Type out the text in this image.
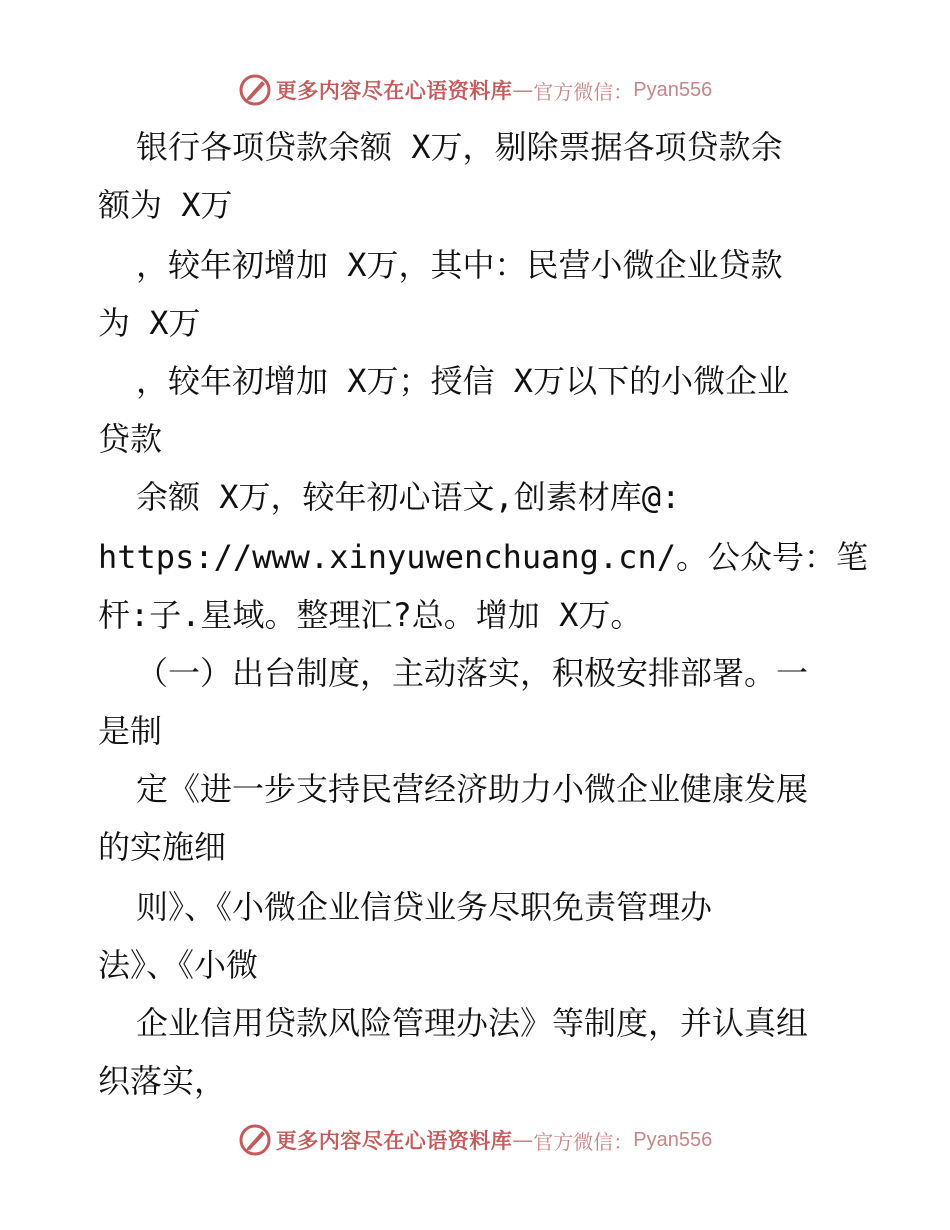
更多内容尽在心语资料库 — 官方微信： Pyan556
银行各项贷款余额 X万，剔除票据各项贷款余
额为 X万
，较年初增加 X万，其中：民营小微企业贷款
为 X万
，较年初增加 X万；授信 X万以下的小微企业
贷款
余额 X万，较年初心语文,创素材库@:
https://www.xinyuwenchuang.cn/。公众号：笔
杆:子.星域。整理汇?总。增加 X万。
（一）出台制度，主动落实，积极安排部署。一
是制
定《进一步支持民营经济助力小微企业健康发展
的实施细
则》、《小微企业信贷业务尽职免责管理办
法》、《小微
企业信用贷款风险管理办法》等制度，并认真组
织落实，
更多内容尽在心语资料库 — 官方微信： Pyan556
